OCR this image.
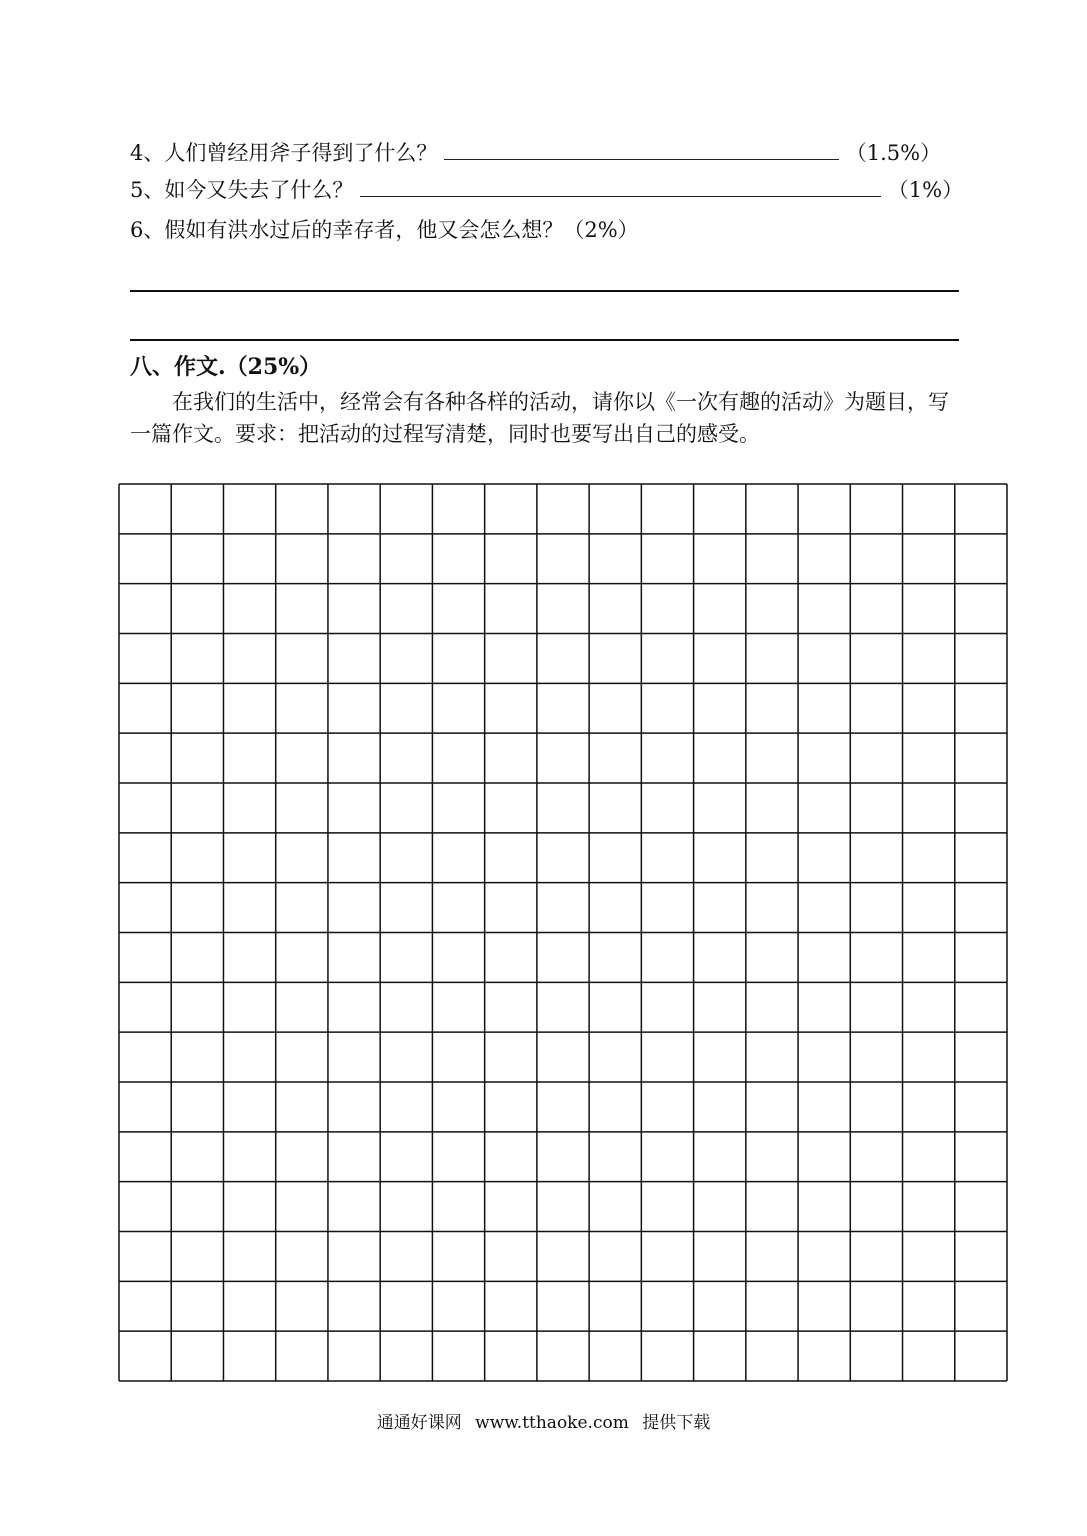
4、人们曾经用斧子得到了什么？	（1.5%）
5、如今又失去了什么？	（1%）
6、假如有洪水过后的幸存者，他又会怎么想？（2%）
八、作文.（25%）

在我们的生活中，经常会有各种各样的活动，请你以《一次有趣的活动》为题目，写一篇作文。要求：把活动的过程写清楚，同时也要写出自己的感受。

通通好课网 www.tthaoke.com 提供下载
